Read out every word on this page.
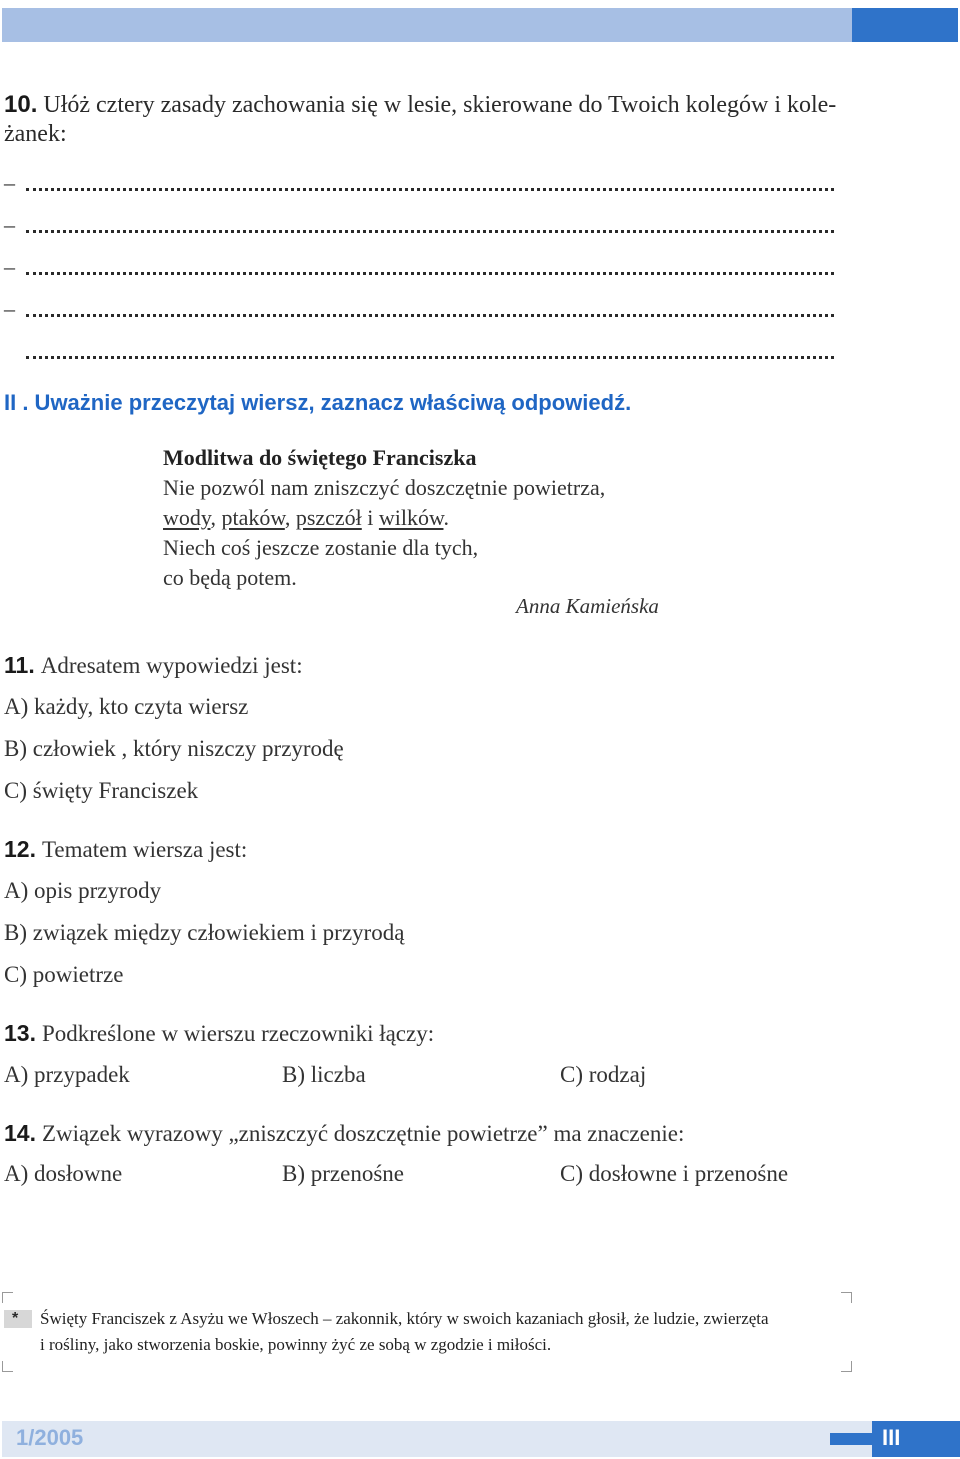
10. Ułóż cztery zasady zachowania się w lesie, skierowane do Twoich kolegów i kole-
żanek:
–
–
–
–
II . Uważnie przeczytaj wiersz, zaznacz właściwą odpowiedź.
Modlitwa do świętego Franciszka
Nie pozwól nam zniszczyć doszczętnie powietrza,
wody, ptaków, pszczół i wilków.
Niech coś jeszcze zostanie dla tych,
co będą potem.
Anna Kamieńska
11. Adresatem wypowiedzi jest:
A) każdy, kto czyta wiersz
B) człowiek , który niszczy przyrodę
C) święty Franciszek
12. Tematem wiersza jest:
A) opis przyrody
B) związek między człowiekiem i przyrodą
C) powietrze
13. Podkreślone w wierszu rzeczowniki łączy:
A) przypadek	B) liczba	C) rodzaj
14. Związek wyrazowy „zniszczyć doszczętnie powietrze” ma znaczenie:
A) dosłowne	B) przenośne	C) dosłowne i przenośne
*	Święty Franciszek z Asyżu we Włoszech – zakonnik, który w swoich kazaniach głosił, że ludzie, zwierzęta
i rośliny, jako stworzenia boskie, powinny żyć ze sobą w zgodzie i miłości.
1/2005	III
